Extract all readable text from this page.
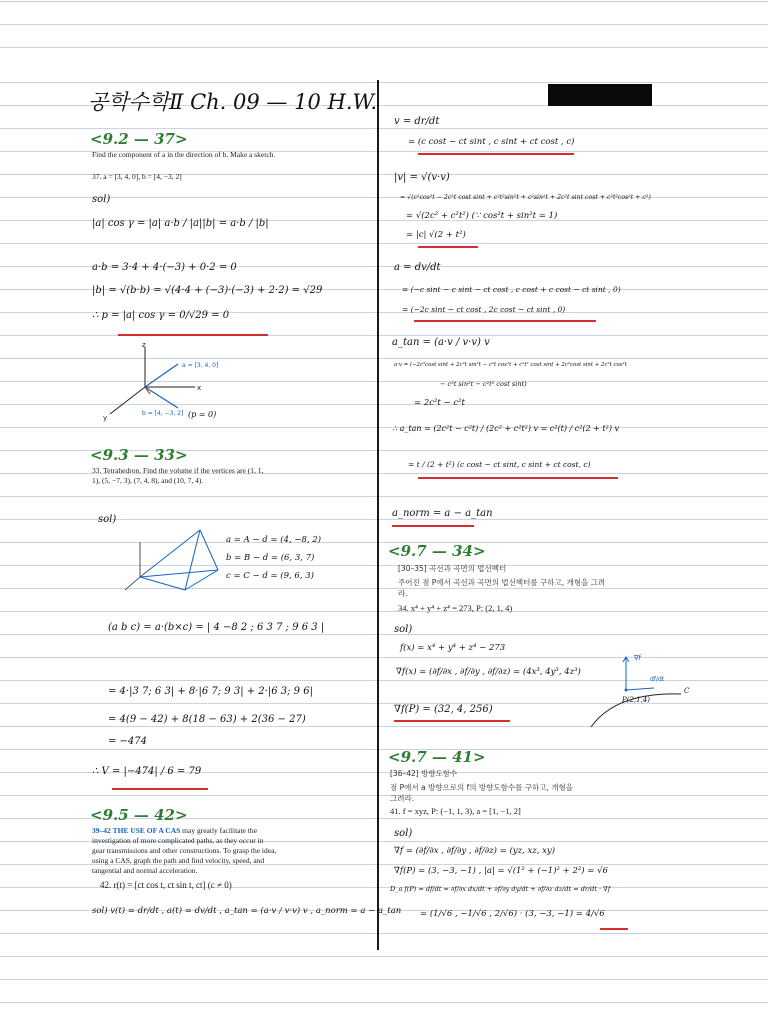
공학수학Ⅱ Ch. 09 — 10 H.W.
<9.2 — 37>
Find the component of a in the direction of b. Make a sketch.
37. a = [3, 4, 0], b = [4, −3, 2]
sol)
|a| cos γ = |a| a·b / |a||b| = a·b / |b|
a·b = 3·4 + 4·(−3) + 0·2 = 0
|b| = √(b·b) = √(4·4 + (−3)·(−3) + 2·2) = √29
∴ p = |a| cos γ = 0/√29 = 0
z
x
y
a = [3, 4, 0]
b = [4, −3, 2] (p = 0)
<9.3 — 33>
33. Tetrahedron. Find the volume if the vertices are (1, 1, 1), (5, −7, 3), (7, 4, 8), and (10, 7, 4).
sol)
a = A − d = (4, −8, 2)
b = B − d = (6, 3, 7)
c = C − d = (9, 6, 3)
(a b c) = a·(b×c) = | 4 −8 2 ; 6 3 7 ; 9 6 3 |
= 4·|3 7; 6 3| + 8·|6 7; 9 3| + 2·|6 3; 9 6|
= 4(9 − 42) + 8(18 − 63) + 2(36 − 27)
= −474
∴ V = |−474| / 6 = 79
<9.5 — 42>
39–42 THE USE OF A CAS may greatly facilitate the investigation of more complicated paths, as they occur in gear transmissions and other constructions. To grasp the idea, using a CAS, graph the path and find velocity, speed, and tangential and normal acceleration.
42. r(t) = [ct cos t, ct sin t, ct] (c ≠ 0)
sol) v(t) = dr/dt , a(t) = dv/dt , a_tan = (a·v / v·v) v , a_norm = a − a_tan
v = dr/dt
= (c cost − ct sint , c sint + ct cost , c)
|v| = √(v·v)
= √(c²cos²t − 2c²t cost sint + c²t²sin²t + c²sin²t + 2c²t sint cost + c²t²cos²t + c²)
= √(2c² + c²t²) (∵ cos²t + sin²t = 1)
= |c| √(2 + t²)
a = dv/dt
= (−c sint − c sint − ct cost , c cost + c cost − ct sint , 0)
= (−2c sint − ct cost , 2c cost − ct sint , 0)
a_tan = (a·v / v·v) v
a·v = (−2c²cost sint + 2c²t sin²t − c²t cos²t + c²t² cost sint + 2c²cost sint + 2c²t cos²t
− c²t sin²t − c²t² cost sint)
= 2c²t − c²t
∴ a_tan = (2c²t − c²t) / (2c² + c²t²) v = c²(t) / c²(2 + t²) v
= t / (2 + t²) (c cost − ct sint, c sint + ct cost, c)
a_norm = a − a_tan
<9.7 — 34>
[30–35] 곡선과 곡면의 법선벡터
주어진 점 P에서 곡선과 곡면의 법선벡터를 구하고, 개형을 그려라.
34. x⁴ + y⁴ + z⁴ = 273, P: (2, 1, 4)
sol)
f(x) = x⁴ + y⁴ + z⁴ − 273
∇f(x) = (∂f/∂x , ∂f/∂y , ∂f/∂z) = (4x³, 4y³, 4z³)
∇f(P) = (32, 4, 256)
∇f
df/dt
C
P(2,1,4)
<9.7 — 41>
[36–42] 방향도함수
점 P에서 a 방향으로의 f의 방향도함수를 구하고, 개형을 그려라.
41. f = xyz, P: (−1, 1, 3), a = [1, −1, 2]
sol)
∇f = (∂f/∂x , ∂f/∂y , ∂f/∂z) = (yz, xz, xy)
∇f(P) = (3, −3, −1) , |a| = √(1² + (−1)² + 2²) = √6
D_a f(P) = df/dt = ∂f/∂x dx/dt + ∂f/∂y dy/dt + ∂f/∂z dz/dt = dr/dt · ∇f
= (1/√6 , −1/√6 , 2/√6) · (3, −3, −1) = 4/√6
